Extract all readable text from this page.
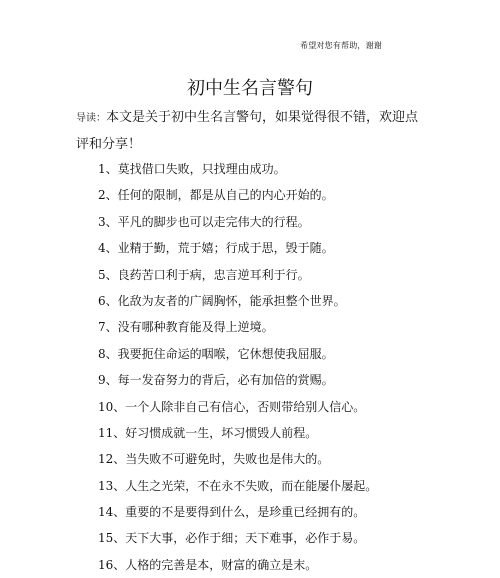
希望对您有帮助，谢谢
初中生名言警句
导读：本文是关于初中生名言警句，如果觉得很不错，欢迎点评和分享！
1、莫找借口失败，只找理由成功。
2、任何的限制，都是从自己的内心开始的。
3、平凡的脚步也可以走完伟大的行程。
4、业精于勤，荒于嬉；行成于思，毁于随。
5、良药苦口利于病，忠言逆耳利于行。
6、化敌为友者的广阔胸怀，能承担整个世界。
7、没有哪种教育能及得上逆境。
8、我要扼住命运的咽喉，它休想使我屈服。
9、每一发奋努力的背后，必有加倍的赏赐。
10、一个人除非自己有信心，否则带给别人信心。
11、好习惯成就一生，坏习惯毁人前程。
12、当失败不可避免时，失败也是伟大的。
13、人生之光荣，不在永不失败，而在能屡仆屡起。
14、重要的不是要得到什么，是珍重已经拥有的。
15、天下大事，必作于细；天下难事，必作于易。
16、人格的完善是本，财富的确立是末。
